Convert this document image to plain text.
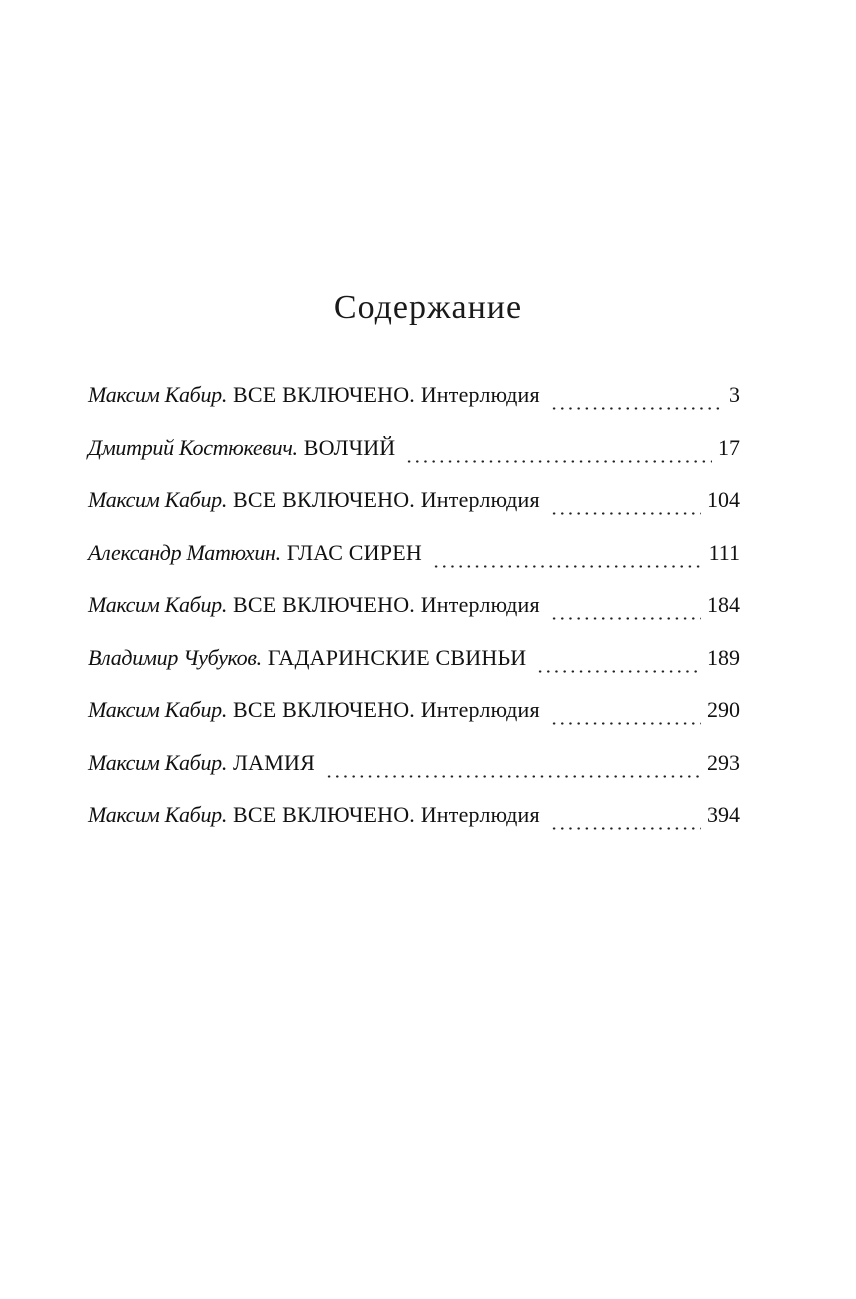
Содержание
Максим Кабир. ВСЕ ВКЛЮЧЕНО. Интерлюдия	3
Дмитрий Костюкевич. ВОЛЧИЙ	17
Максим Кабир. ВСЕ ВКЛЮЧЕНО. Интерлюдия	104
Александр Матюхин. ГЛАС СИРЕН	111
Максим Кабир. ВСЕ ВКЛЮЧЕНО. Интерлюдия	184
Владимир Чубуков. ГАДАРИНСКИЕ СВИНЬИ	189
Максим Кабир. ВСЕ ВКЛЮЧЕНО. Интерлюдия	290
Максим Кабир. ЛАМИЯ	293
Максим Кабир. ВСЕ ВКЛЮЧЕНО. Интерлюдия	394
